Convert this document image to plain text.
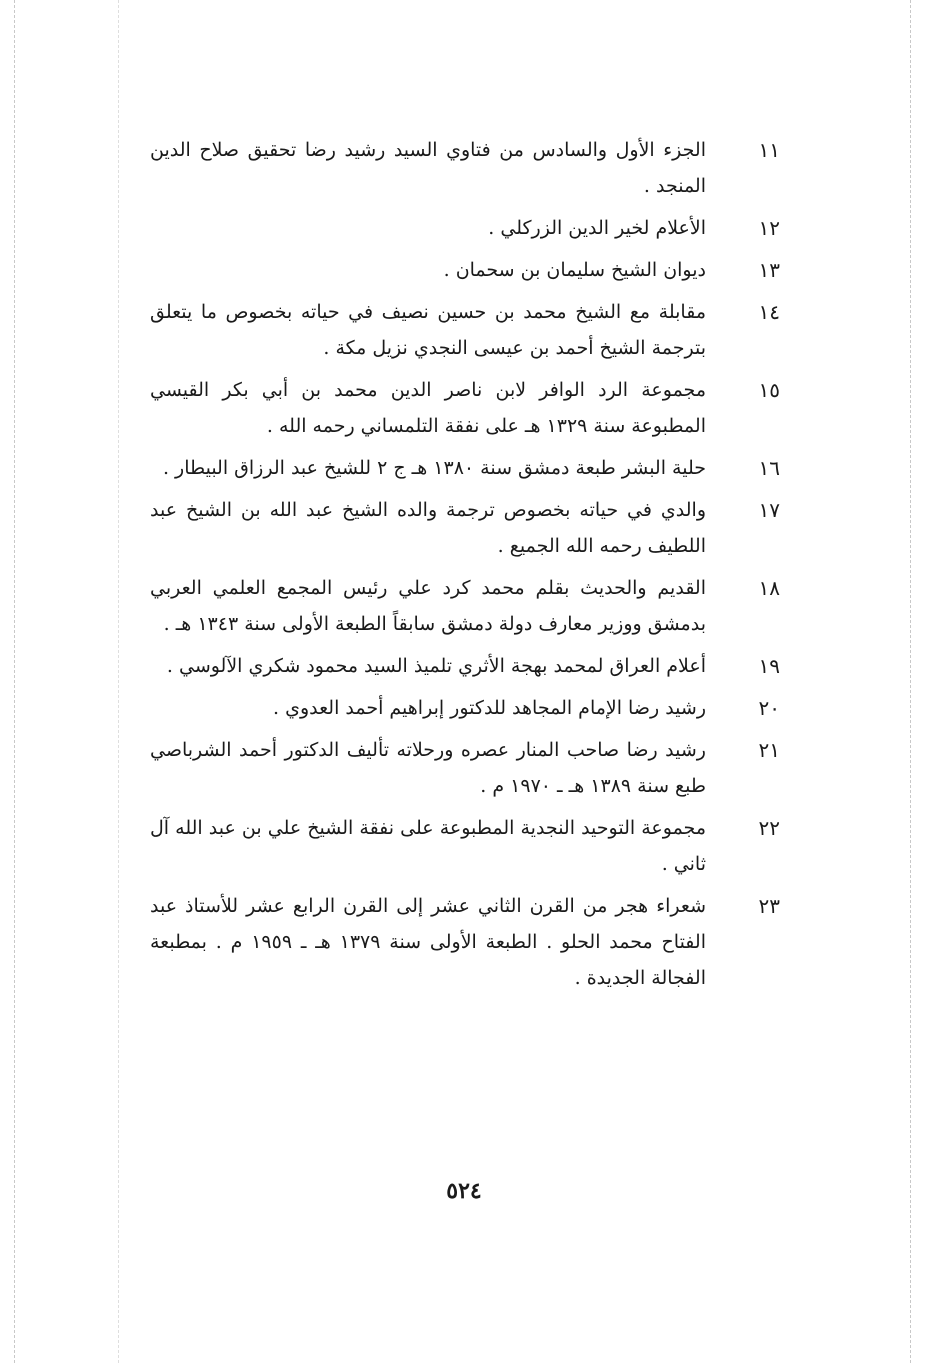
١١
الجزء الأول والسادس من فتاوي السيد رشيد رضا تحقيق صلاح الدين المنجد .
١٢
الأعلام لخير الدين الزركلي .
١٣
ديوان الشيخ سليمان بن سحمان .
١٤
مقابلة مع الشيخ محمد بن حسين نصيف في حياته بخصوص ما يتعلق بترجمة الشيخ أحمد بن عيسى النجدي نزيل مكة .
١٥
مجموعة الرد الوافر لابن ناصر الدين محمد بن أبي بكر القيسي المطبوعة سنة ١٣٢٩ هـ على نفقة التلمساني رحمه الله .
١٦
حلية البشر طبعة دمشق سنة ١٣٨٠ هـ ج ٢ للشيخ عبد الرزاق البيطار .
١٧
والدي في حياته بخصوص ترجمة والده الشيخ عبد الله بن الشيخ عبد اللطيف رحمه الله الجميع .
١٨
القديم والحديث بقلم محمد كرد علي رئيس المجمع العلمي العربي بدمشق ووزير معارف دولة دمشق سابقاً الطبعة الأولى سنة ١٣٤٣ هـ .
١٩
أعلام العراق لمحمد بهجة الأثري تلميذ السيد محمود شكري الآلوسي .
٢٠
رشيد رضا الإمام المجاهد للدكتور إبراهيم أحمد العدوي .
٢١
رشيد رضا صاحب المنار عصره ورحلاته تأليف الدكتور أحمد الشرباصي طبع سنة ١٣٨٩ هـ ـ ١٩٧٠ م .
٢٢
مجموعة التوحيد النجدية المطبوعة على نفقة الشيخ علي بن عبد الله آل ثاني .
٢٣
شعراء هجر من القرن الثاني عشر إلى القرن الرابع عشر للأستاذ عبد الفتاح محمد الحلو . الطبعة الأولى سنة ١٣٧٩ هـ ـ ١٩٥٩ م . بمطبعة الفجالة الجديدة .
٥٢٤
